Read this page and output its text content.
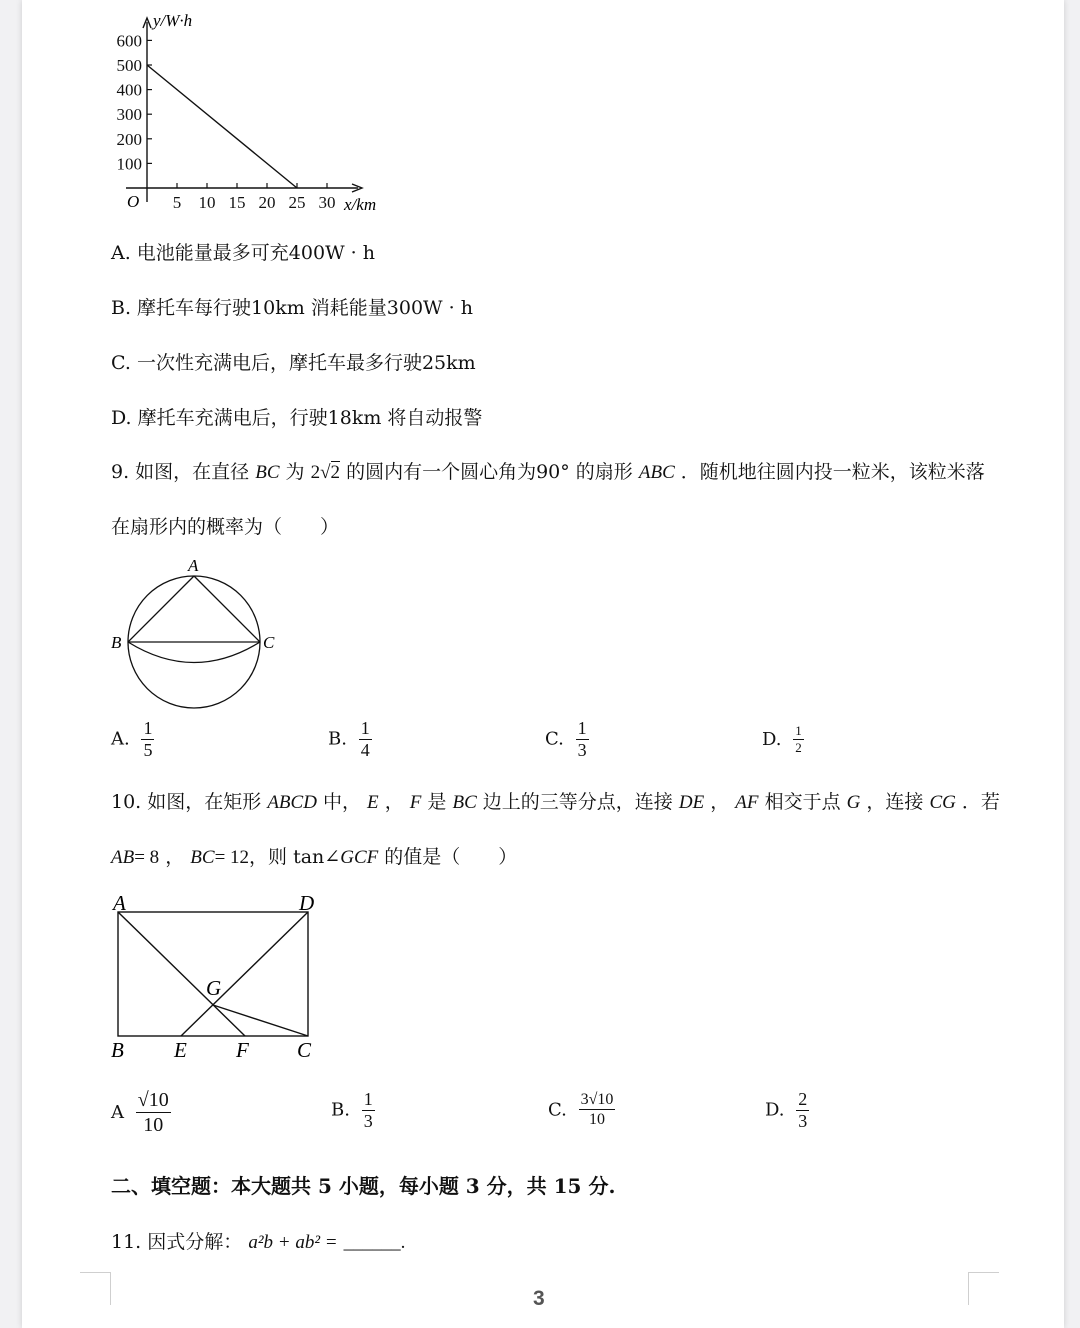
y/W·h
x/km
O
600
500
400
300
200
100
5 10 15 20 25 30
A. 电池能量最多可充400W · h
B. 摩托车每行驶10km 消耗能量300W · h
C. 一次性充满电后，摩托车最多行驶25km
D. 摩托车充满电后，行驶18km 将自动报警
9. 如图，在直径 BC 为 2√2 的圆内有一个圆心角为90° 的扇形 ABC ．随机地往圆内投一粒米，该粒米落
在扇形内的概率为（　　）
A
B	C
A. $\frac{1}{5}$	B. $\frac{1}{4}$	C. $\frac{1}{3}$	D. $\frac{1}{2}$
10. 如图，在矩形 ABCD 中， E ， F 是 BC 边上的三等分点，连接 DE ， AF 相交于点 G ，连接 CG ．若
AB= 8 ， BC= 12，则 tan∠GCF 的值是（　　）
A	D
G
B E F C
A $\frac{√10}{10}$	B. $\frac{1}{3}$	C. $\frac{3√10}{10}$	D. $\frac{2}{3}$
二、填空题：本大题共 5 小题，每小题 3 分，共 15 分.
11. 因式分解： a²b + ab² = ______.
3
